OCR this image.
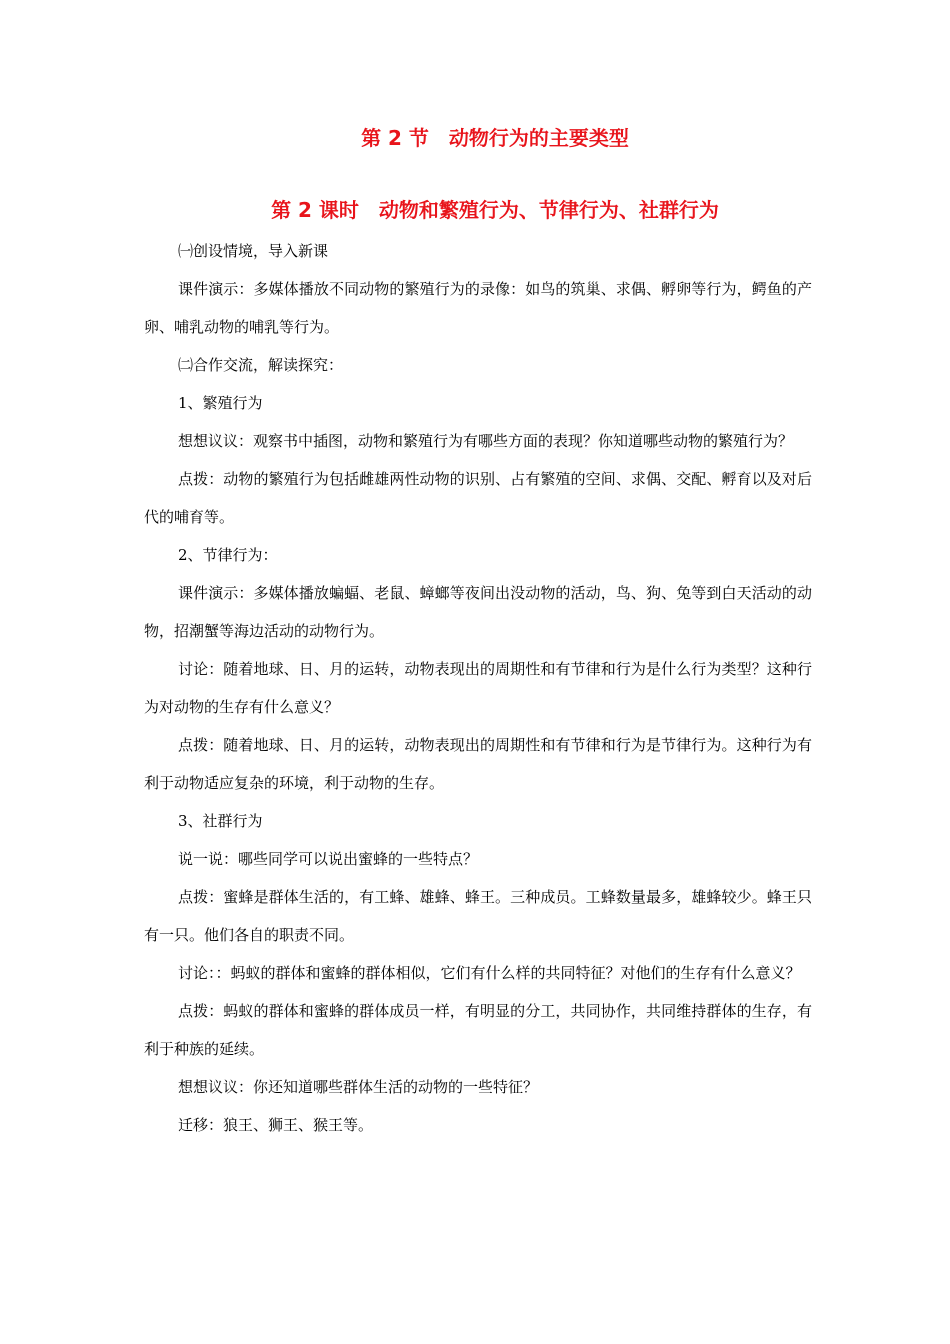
第 2 节　动物行为的主要类型
第 2 课时　动物和繁殖行为、节律行为、社群行为

㈠创设情境，导入新课

课件演示：多媒体播放不同动物的繁殖行为的录像：如鸟的筑巢、求偶、孵卵等行为，鳄鱼的产卵、哺乳动物的哺乳等行为。

㈡合作交流，解读探究：

1、繁殖行为

想想议议：观察书中插图，动物和繁殖行为有哪些方面的表现？你知道哪些动物的繁殖行为？

点拨：动物的繁殖行为包括雌雄两性动物的识别、占有繁殖的空间、求偶、交配、孵育以及对后代的哺育等。

2、节律行为：

课件演示：多媒体播放蝙蝠、老鼠、蟑螂等夜间出没动物的活动，鸟、狗、兔等到白天活动的动物，招潮蟹等海边活动的动物行为。

讨论：随着地球、日、月的运转，动物表现出的周期性和有节律和行为是什么行为类型？这种行为对动物的生存有什么意义？

点拨：随着地球、日、月的运转，动物表现出的周期性和有节律和行为是节律行为。这种行为有利于动物适应复杂的环境，利于动物的生存。

3、社群行为

说一说：哪些同学可以说出蜜蜂的一些特点？

点拨：蜜蜂是群体生活的，有工蜂、雄蜂、蜂王。三种成员。工蜂数量最多，雄蜂较少。蜂王只有一只。他们各自的职责不同。

讨论：：蚂蚁的群体和蜜蜂的群体相似，它们有什么样的共同特征？对他们的生存有什么意义？

点拨：蚂蚁的群体和蜜蜂的群体成员一样，有明显的分工，共同协作，共同维持群体的生存，有利于种族的延续。

想想议议：你还知道哪些群体生活的动物的一些特征？

迁移：狼王、狮王、猴王等。
